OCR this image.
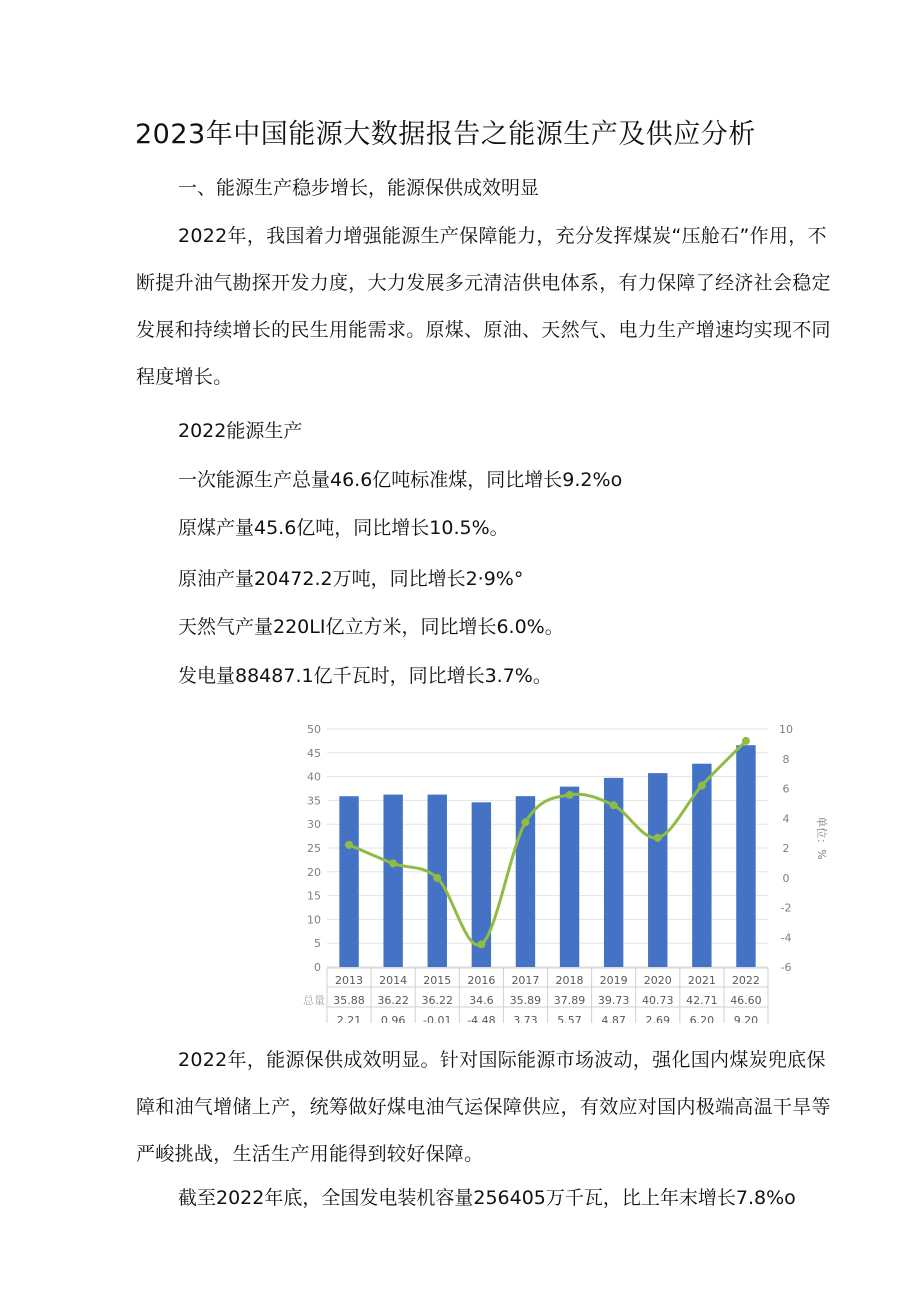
2023年中国能源大数据报告之能源生产及供应分析
一、能源生产稳步增长，能源保供成效明显
2022年，我国着力增强能源生产保障能力，充分发挥煤炭“压舱石”作用，不断提升油气勘探开发力度，大力发展多元清洁供电体系，有力保障了经济社会稳定发展和持续增长的民生用能需求。原煤、原油、天然气、电力生产增速均实现不同程度增长。
2022能源生产
一次能源生产总量46.6亿吨标准煤，同比增长9.2%o
原煤产量45.6亿吨，同比增长10.5%。
原油产量20472.2万吨，同比增长2·9%°
天然气产量220LI亿立方米，同比增长6.0%。
发电量88487.1亿千瓦时，同比增长3.7%。
0
5
10
15
20
25
30
35
40
45
50
-6
-4
-2
0
2
4
6
8
10
单位：%
总量
2013
35.88
2.21
2014
36.22
0.96
2015
36.22
-0.01
2016
34.6
-4.48
2017
35.89
3.73
2018
37.89
5.57
2019
39.73
4.87
2020
40.73
2.69
2021
42.71
6.20
2022
46.60
9.20
2022年，能源保供成效明显。针对国际能源市场波动，强化国内煤炭兜底保障和油气增储上产，统筹做好煤电油气运保障供应，有效应对国内极端高温干旱等严峻挑战，生活生产用能得到较好保障。
截至2022年底，全国发电装机容量256405万千瓦，比上年末增长7.8%o
